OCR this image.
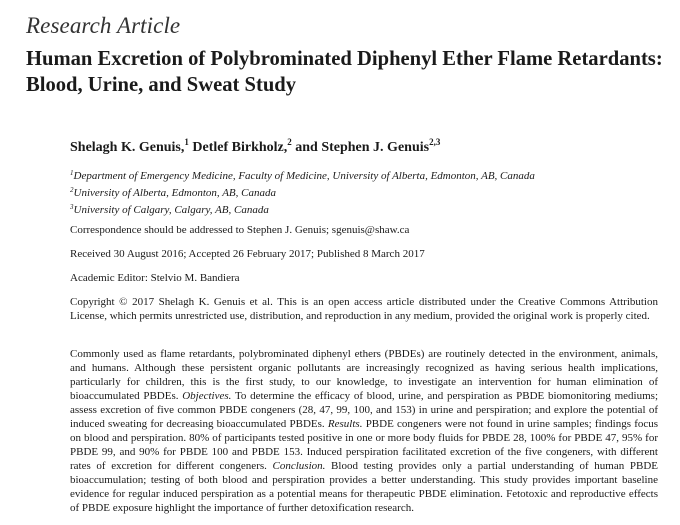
Research Article
Human Excretion of Polybrominated Diphenyl Ether Flame Retardants: Blood, Urine, and Sweat Study
Shelagh K. Genuis,$^1$ Detlef Birkholz,$^2$ and Stephen J. Genuis$^{2,3}$
$^1$Department of Emergency Medicine, Faculty of Medicine, University of Alberta, Edmonton, AB, Canada
$^2$University of Alberta, Edmonton, AB, Canada
$^3$University of Calgary, Calgary, AB, Canada
Correspondence should be addressed to Stephen J. Genuis; sgenuis@shaw.ca
Received 30 August 2016; Accepted 26 February 2017; Published 8 March 2017
Academic Editor: Stelvio M. Bandiera
Copyright © 2017 Shelagh K. Genuis et al. This is an open access article distributed under the Creative Commons Attribution License, which permits unrestricted use, distribution, and reproduction in any medium, provided the original work is properly cited.
Commonly used as flame retardants, polybrominated diphenyl ethers (PBDEs) are routinely detected in the environment, animals, and humans. Although these persistent organic pollutants are increasingly recognized as having serious health implications, particularly for children, this is the first study, to our knowledge, to investigate an intervention for human elimination of bioaccumulated PBDEs. Objectives. To determine the efficacy of blood, urine, and perspiration as PBDE biomonitoring mediums; assess excretion of five common PBDE congeners (28, 47, 99, 100, and 153) in urine and perspiration; and explore the potential of induced sweating for decreasing bioaccumulated PBDEs. Results. PBDE congeners were not found in urine samples; findings focus on blood and perspiration. 80% of participants tested positive in one or more body fluids for PBDE 28, 100% for PBDE 47, 95% for PBDE 99, and 90% for PBDE 100 and PBDE 153. Induced perspiration facilitated excretion of the five congeners, with different rates of excretion for different congeners. Conclusion. Blood testing provides only a partial understanding of human PBDE bioaccumulation; testing of both blood and perspiration provides a better understanding. This study provides important baseline evidence for regular induced perspiration as a potential means for therapeutic PBDE elimination. Fetotoxic and reproductive effects of PBDE exposure highlight the importance of further detoxification research.
